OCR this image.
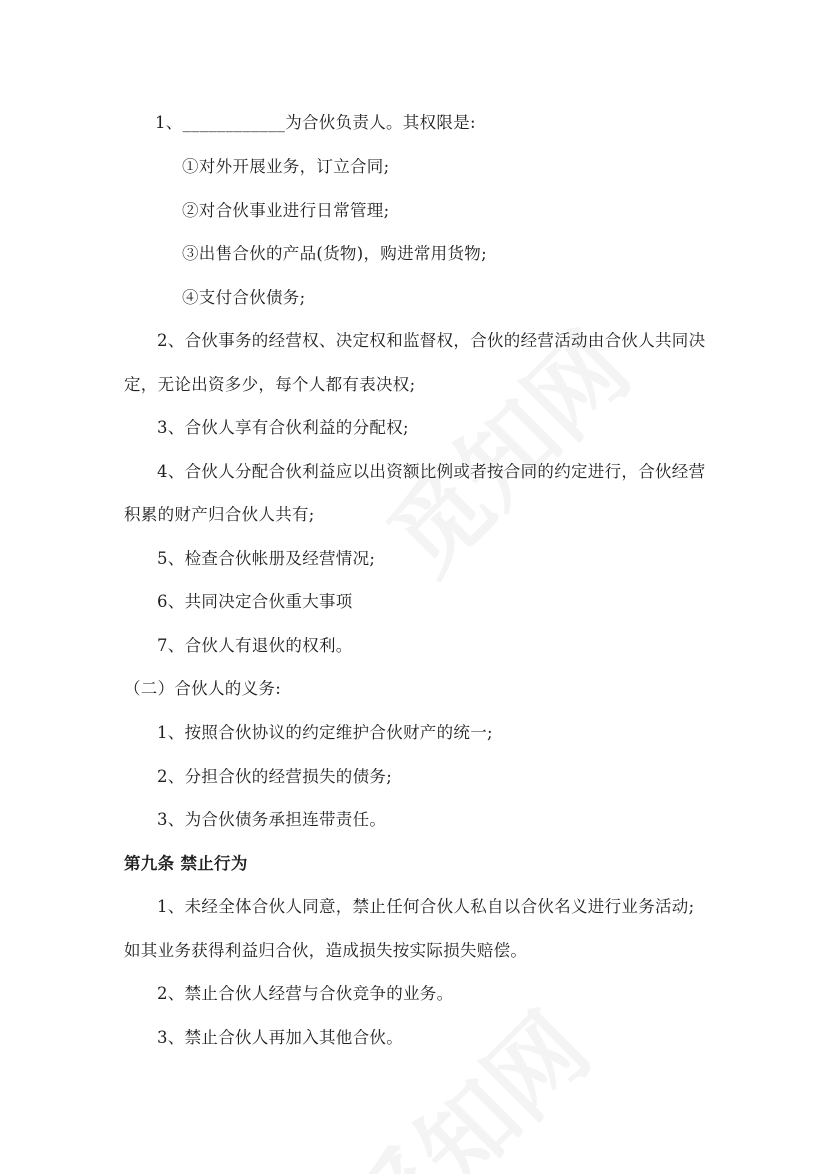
1、____________为合伙负责人。其权限是:
①对外开展业务，订立合同;
②对合伙事业进行日常管理;
③出售合伙的产品(货物)，购进常用货物;
④支付合伙债务;
2、合伙事务的经营权、决定权和监督权，合伙的经营活动由合伙人共同决
定，无论出资多少，每个人都有表决权;
3、合伙人享有合伙利益的分配权;
4、合伙人分配合伙利益应以出资额比例或者按合同的约定进行，合伙经营
积累的财产归合伙人共有;
5、检查合伙帐册及经营情况;
6、共同决定合伙重大事项
7、合伙人有退伙的权利。
（二）合伙人的义务:
1、按照合伙协议的约定维护合伙财产的统一;
2、分担合伙的经营损失的债务;
3、为合伙债务承担连带责任。
第九条 禁止行为
1、未经全体合伙人同意，禁止任何合伙人私自以合伙名义进行业务活动;
如其业务获得利益归合伙，造成损失按实际损失赔偿。
2、禁止合伙人经营与合伙竞争的业务。
3、禁止合伙人再加入其他合伙。
